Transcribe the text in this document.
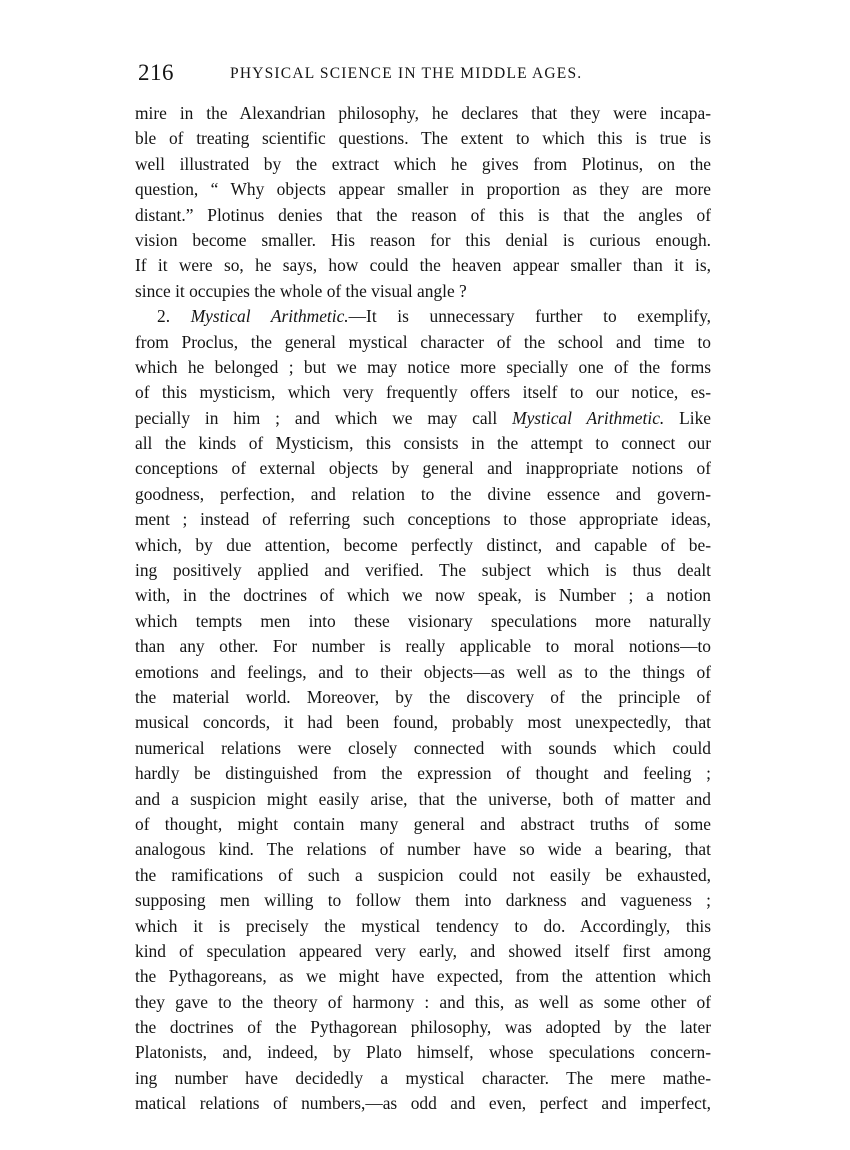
216	PHYSICAL SCIENCE IN THE MIDDLE AGES.
mire in the Alexandrian philosophy, he declares that they were incapa-
ble of treating scientific questions. The extent to which this is true is
well illustrated by the extract which he gives from Plotinus, on the
question, “ Why objects appear smaller in proportion as they are more
distant.” Plotinus denies that the reason of this is that the angles of
vision become smaller. His reason for this denial is curious enough.
If it were so, he says, how could the heaven appear smaller than it is,
since it occupies the whole of the visual angle ?
2. Mystical Arithmetic.—It is unnecessary further to exemplify,
from Proclus, the general mystical character of the school and time to
which he belonged ; but we may notice more specially one of the forms
of this mysticism, which very frequently offers itself to our notice, es-
pecially in him ; and which we may call Mystical Arithmetic. Like
all the kinds of Mysticism, this consists in the attempt to connect our
conceptions of external objects by general and inappropriate notions of
goodness, perfection, and relation to the divine essence and govern-
ment ; instead of referring such conceptions to those appropriate ideas,
which, by due attention, become perfectly distinct, and capable of be-
ing positively applied and verified. The subject which is thus dealt
with, in the doctrines of which we now speak, is Number ; a notion
which tempts men into these visionary speculations more naturally
than any other. For number is really applicable to moral notions—to
emotions and feelings, and to their objects—as well as to the things of
the material world. Moreover, by the discovery of the principle of
musical concords, it had been found, probably most unexpectedly, that
numerical relations were closely connected with sounds which could
hardly be distinguished from the expression of thought and feeling ;
and a suspicion might easily arise, that the universe, both of matter and
of thought, might contain many general and abstract truths of some
analogous kind. The relations of number have so wide a bearing, that
the ramifications of such a suspicion could not easily be exhausted,
supposing men willing to follow them into darkness and vagueness ;
which it is precisely the mystical tendency to do. Accordingly, this
kind of speculation appeared very early, and showed itself first among
the Pythagoreans, as we might have expected, from the attention which
they gave to the theory of harmony : and this, as well as some other of
the doctrines of the Pythagorean philosophy, was adopted by the later
Platonists, and, indeed, by Plato himself, whose speculations concern-
ing number have decidedly a mystical character. The mere mathe-
matical relations of numbers,—as odd and even, perfect and imperfect,
